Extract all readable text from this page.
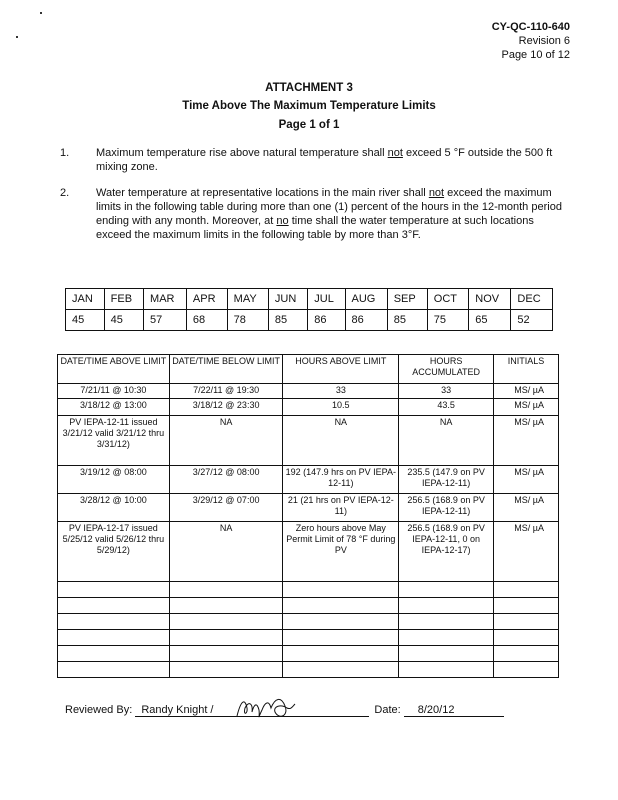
CY-QC-110-640
Revision 6
Page 10 of 12
ATTACHMENT 3
Time Above The Maximum Temperature Limits
Page 1 of 1
1. Maximum temperature rise above natural temperature shall not exceed 5 °F outside the 500 ft mixing zone.
2. Water temperature at representative locations in the main river shall not exceed the maximum limits in the following table during more than one (1) percent of the hours in the 12-month period ending with any month. Moreover, at no time shall the water temperature at such locations exceed the maximum limits in the following table by more than 3°F.
JAN	FEB	MAR	APR	MAY	JUN	JUL	AUG	SEP	OCT	NOV	DEC
45	45	57	68	78	85	86	86	85	75	65	52
DATE/TIME ABOVE LIMIT	DATE/TIME BELOW LIMIT	HOURS ABOVE LIMIT	HOURS ACCUMULATED	INITIALS
7/21/11 @ 10:30	7/22/11 @ 19:30	33	33	MS/ µA
3/18/12 @ 13:00	3/18/12 @ 23:30	10.5	43.5	MS/ µA
PV IEPA-12-11 issued 3/21/12 valid 3/21/12 thru 3/31/12)	NA	NA	NA	MS/ µA
3/19/12 @ 08:00	3/27/12 @ 08:00	192 (147.9 hrs on PV IEPA-12-11)	235.5 (147.9 on PV IEPA-12-11)	MS/ µA
3/28/12 @ 10:00	3/29/12 @ 07:00	21 (21 hrs on PV IEPA-12-11)	256.5 (168.9 on PV IEPA-12-11)	MS/ µA
PV IEPA-12-17 issued 5/25/12 valid 5/26/12 thru 5/29/12)	NA	Zero hours above May Permit Limit of 78 °F during PV	256.5 (168.9 on PV IEPA-12-11, 0 on IEPA-12-17)	MS/ µA

Reviewed By: Randy Knight /	Date: 8/20/12
